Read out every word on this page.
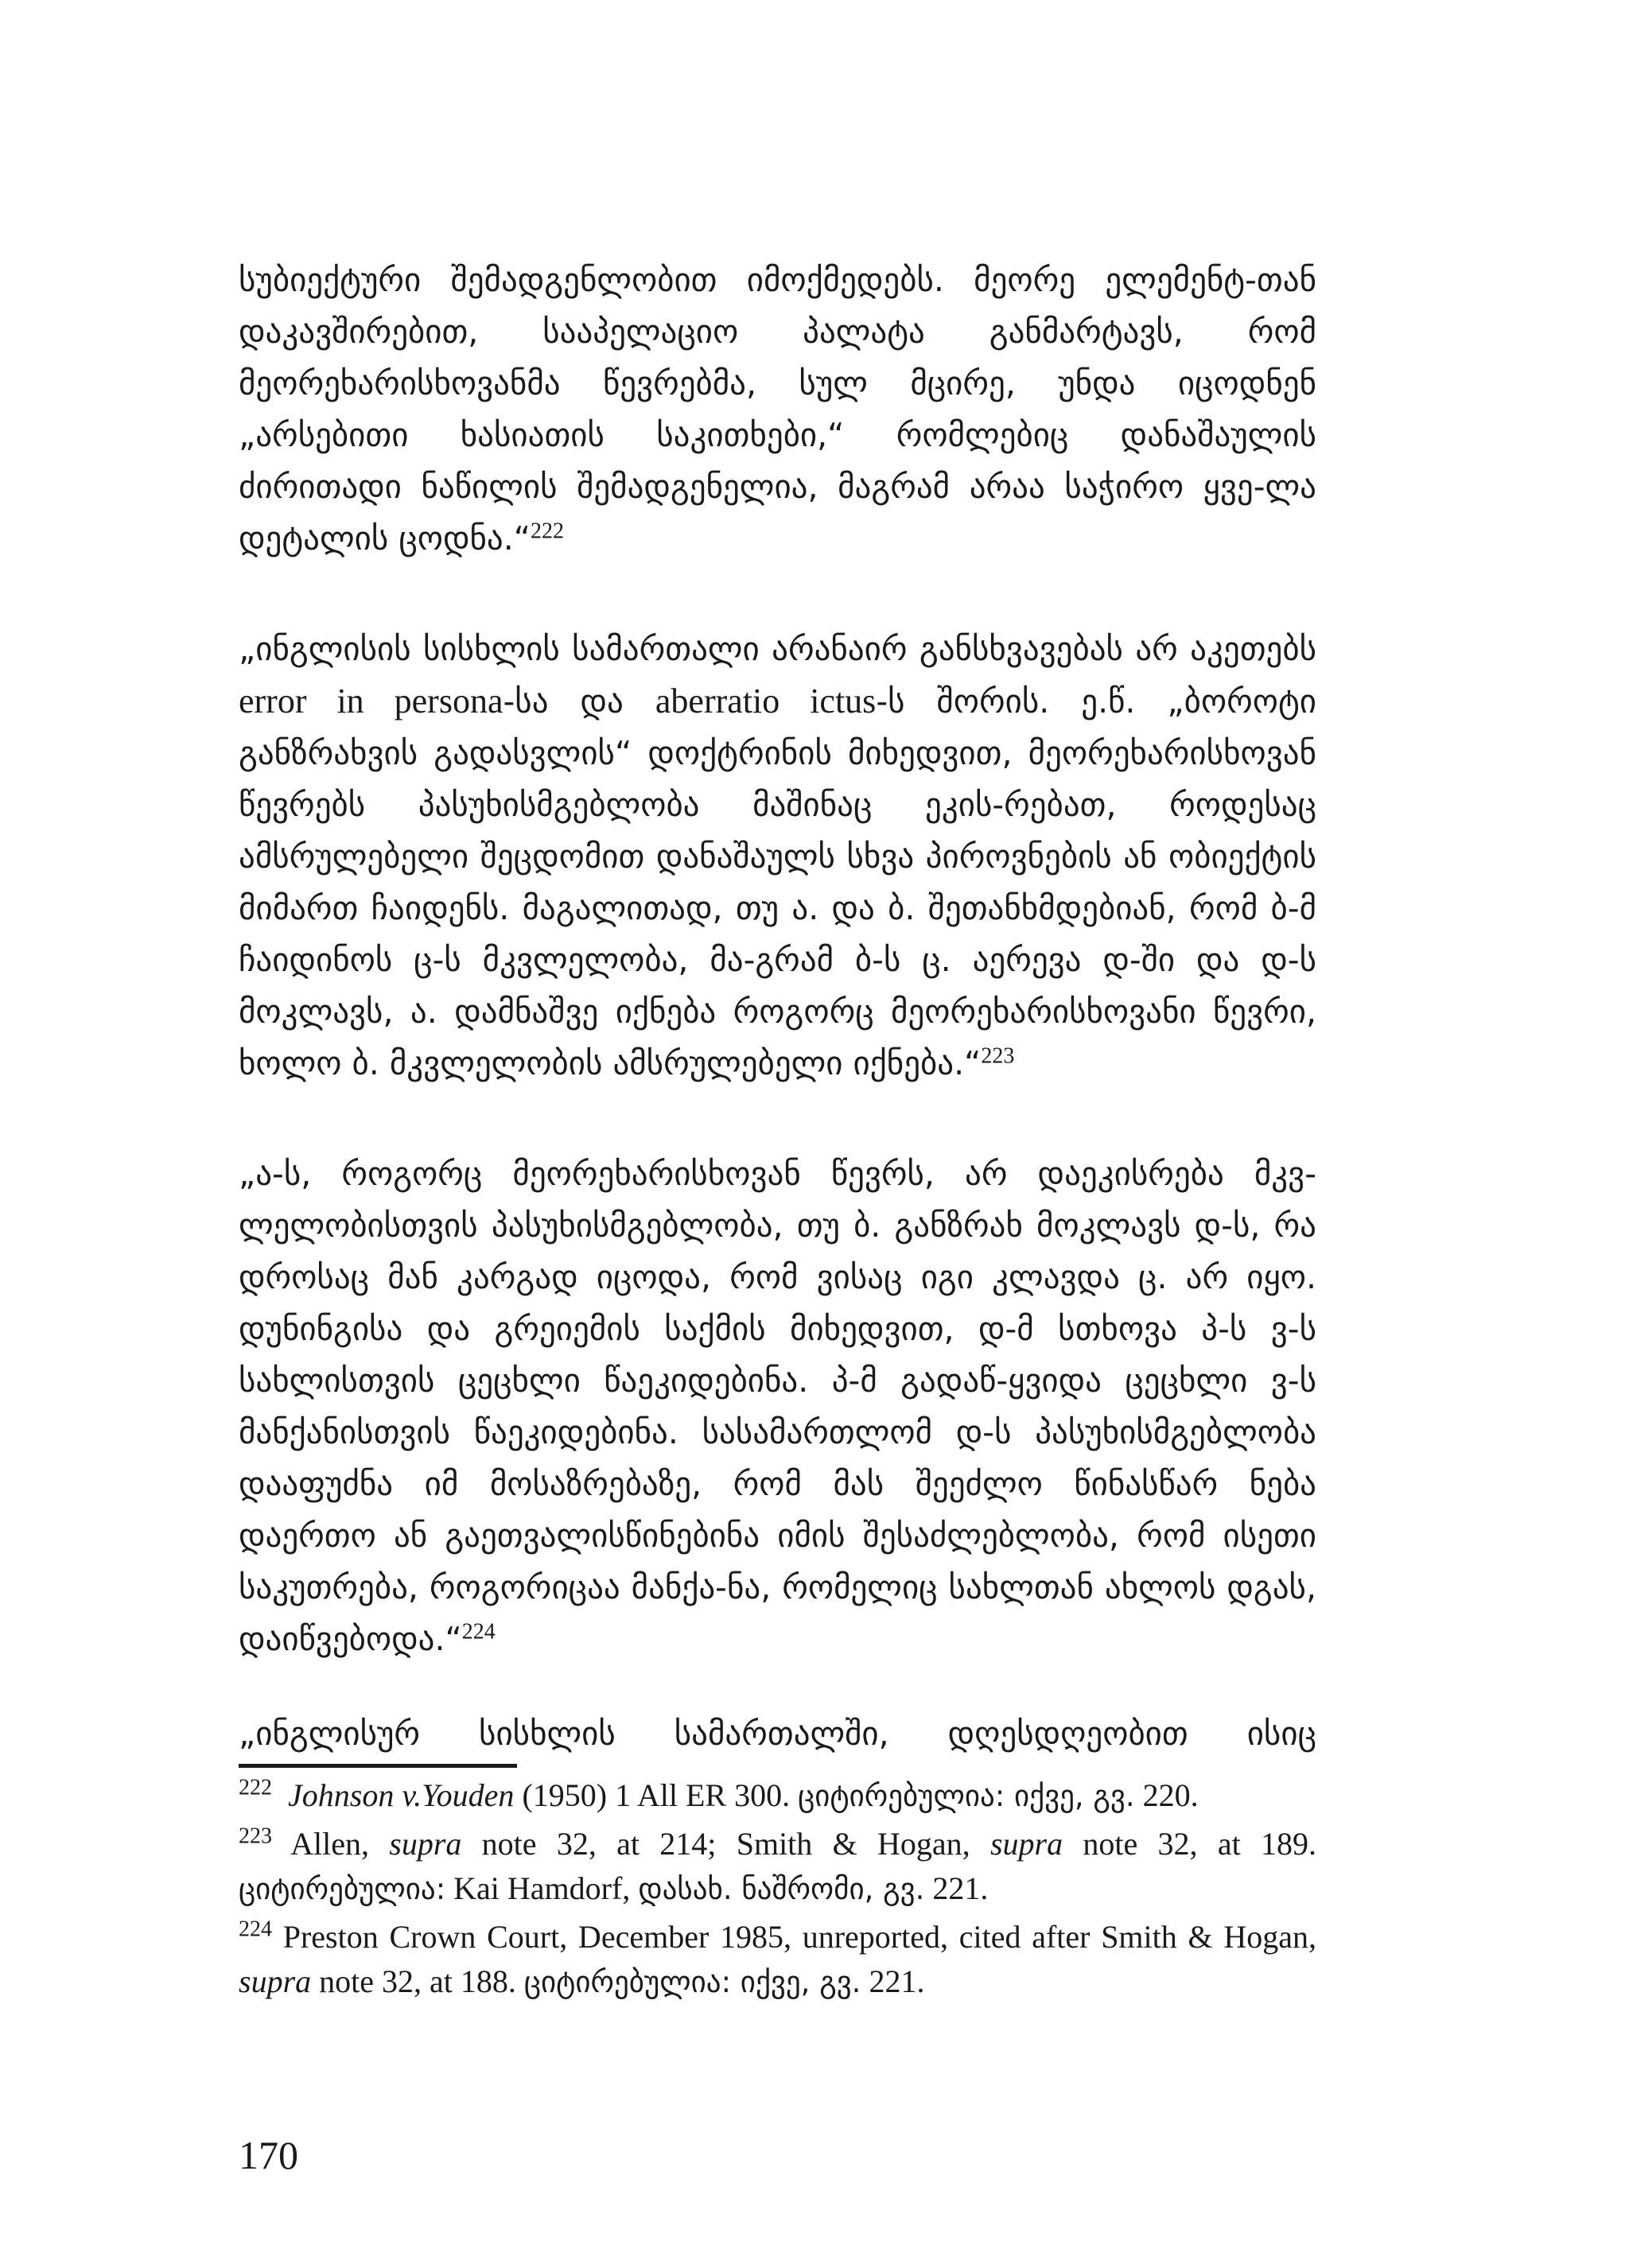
სუბიექტური შემადგენლობით იმოქმედებს. მეორე ელემენტ-თან დაკავშირებით, სააპელაციო პალატა განმარტავს, რომ მეორეხარისხოვანმა წევრებმა, სულ მცირე, უნდა იცოდნენ „არსებითი ხასიათის საკითხები,“ რომლებიც დანაშაულის ძირითადი ნაწილის შემადგენელია, მაგრამ არაა საჭირო ყვე-ლა დეტალის ცოდნა.“$^{222}$

„ინგლისის სისხლის სამართალი არანაირ განსხვავებას არ აკეთებს error in persona-სა და aberratio ictus-ს შორის. ე.წ. „ბოროტი განზრახვის გადასვლის“ დოქტრინის მიხედვით, მეორეხარისხოვან წევრებს პასუხისმგებლობა მაშინაც ეკის-რებათ, როდესაც ამსრულებელი შეცდომით დანაშაულს სხვა პიროვნების ან ობიექტის მიმართ ჩაიდენს. მაგალითად, თუ ა. და ბ. შეთანხმდებიან, რომ ბ-მ ჩაიდინოს ც-ს მკვლელობა, მა-გრამ ბ-ს ც. აერევა დ-ში და დ-ს მოკლავს, ა. დამნაშვე იქნება როგორც მეორეხარისხოვანი წევრი, ხოლო ბ. მკვლელობის ამსრულებელი იქნება.“$^{223}$

„ა-ს, როგორც მეორეხარისხოვან წევრს, არ დაეკისრება მკვ-ლელობისთვის პასუხისმგებლობა, თუ ბ. განზრახ მოკლავს დ-ს, რა დროსაც მან კარგად იცოდა, რომ ვისაც იგი კლავდა ც. არ იყო. დუნინგისა და გრეიემის საქმის მიხედვით, დ-მ სთხოვა პ-ს ვ-ს სახლისთვის ცეცხლი წაეკიდებინა. პ-მ გადაწ-ყვიდა ცეცხლი ვ-ს მანქანისთვის წაეკიდებინა. სასამართლომ დ-ს პასუხისმგებლობა დააფუძნა იმ მოსაზრებაზე, რომ მას შეეძლო წინასწარ ნება დაერთო ან გაეთვალისწინებინა იმის შესაძლებლობა, რომ ისეთი საკუთრება, როგორიცაა მანქა-ნა, რომელიც სახლთან ახლოს დგას, დაიწვებოდა.“$^{224}$

„ინგლისურ სისხლის სამართალში, დღესდღეობით ისიც

$^{222}$ Johnson v.Youden (1950) 1 All ER 300. ციტირებულია: იქვე, გვ. 220.

$^{223}$ Allen, supra note 32, at 214; Smith & Hogan, supra note 32, at 189. ციტირებულია: Kai Hamdorf, დასახ. ნაშრომი, გვ. 221.

$^{224}$ Preston Crown Court, December 1985, unreported, cited after Smith & Hogan, supra note 32, at 188. ციტირებულია: იქვე, გვ. 221.

170
